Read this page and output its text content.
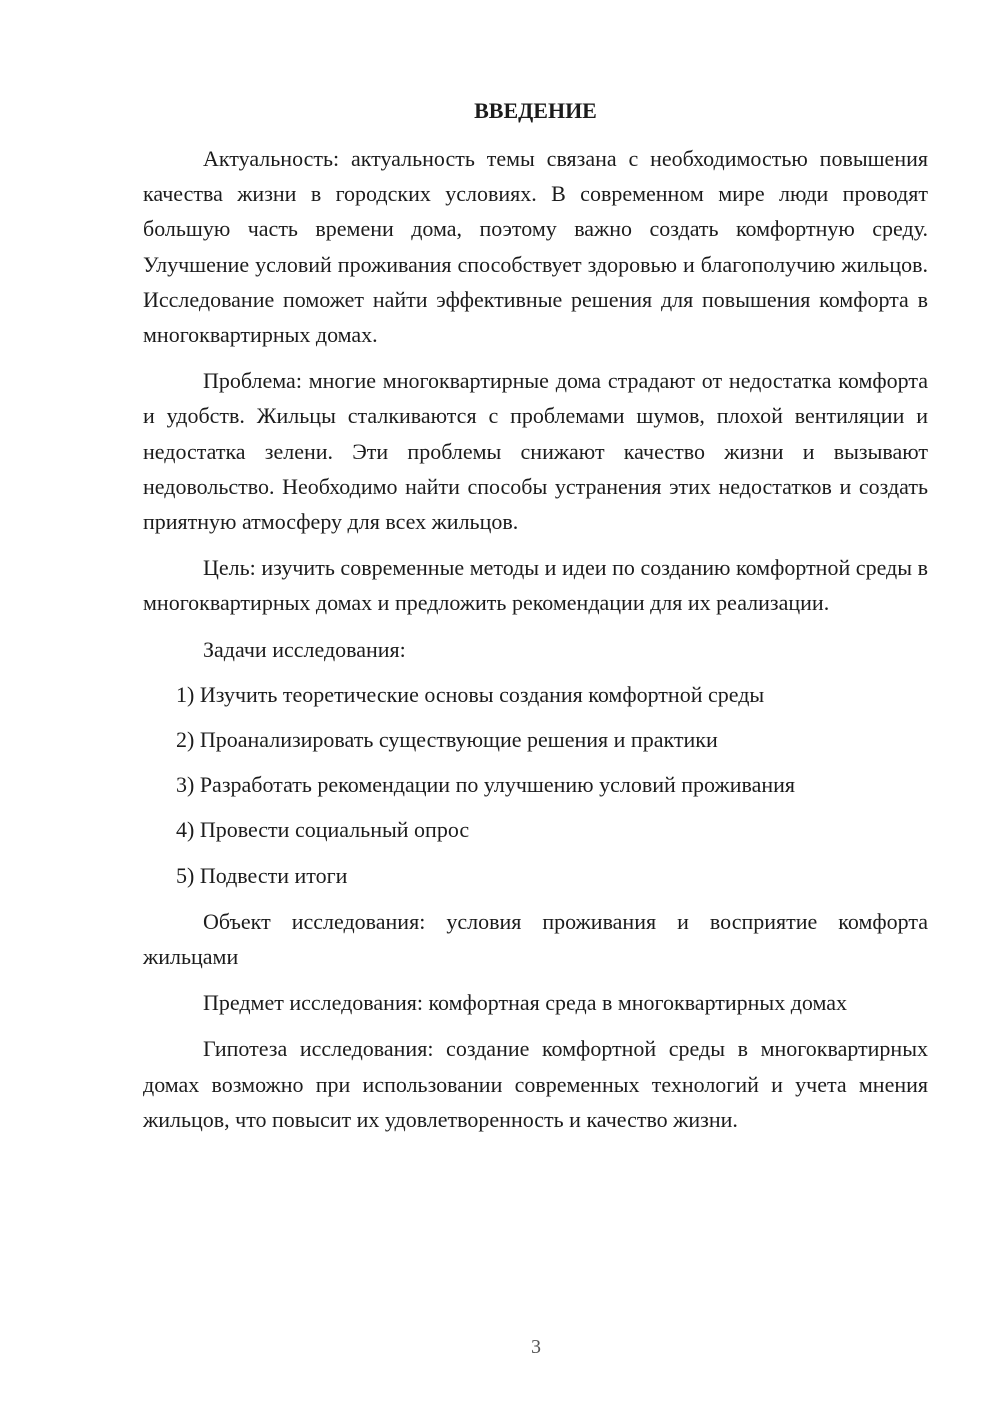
ВВЕДЕНИЕ

Актуальность: актуальность темы связана с необходимостью повышения качества жизни в городских условиях. В современном мире люди проводят большую часть времени дома, поэтому важно создать комфортную среду. Улучшение условий проживания способствует здоровью и благополучию жильцов. Исследование поможет найти эффективные решения для повышения комфорта в многоквартирных домах.

Проблема: многие многоквартирные дома страдают от недостатка комфорта и удобств. Жильцы сталкиваются с проблемами шумов, плохой вентиляции и недостатка зелени. Эти проблемы снижают качество жизни и вызывают недовольство. Необходимо найти способы устранения этих недостатков и создать приятную атмосферу для всех жильцов.

Цель: изучить современные методы и идеи по созданию комфортной среды в многоквартирных домах и предложить рекомендации для их реализации.

Задачи исследования:

1) Изучить теоретические основы создания комфортной среды

2) Проанализировать существующие решения и практики

3) Разработать рекомендации по улучшению условий проживания

4) Провести социальный опрос

5) Подвести итоги

Объект исследования: условия проживания и восприятие комфорта жильцами

Предмет исследования: комфортная среда в многоквартирных домах

Гипотеза исследования: создание комфортной среды в многоквартирных домах возможно при использовании современных технологий и учета мнения жильцов, что повысит их удовлетворенность и качество жизни.

3
